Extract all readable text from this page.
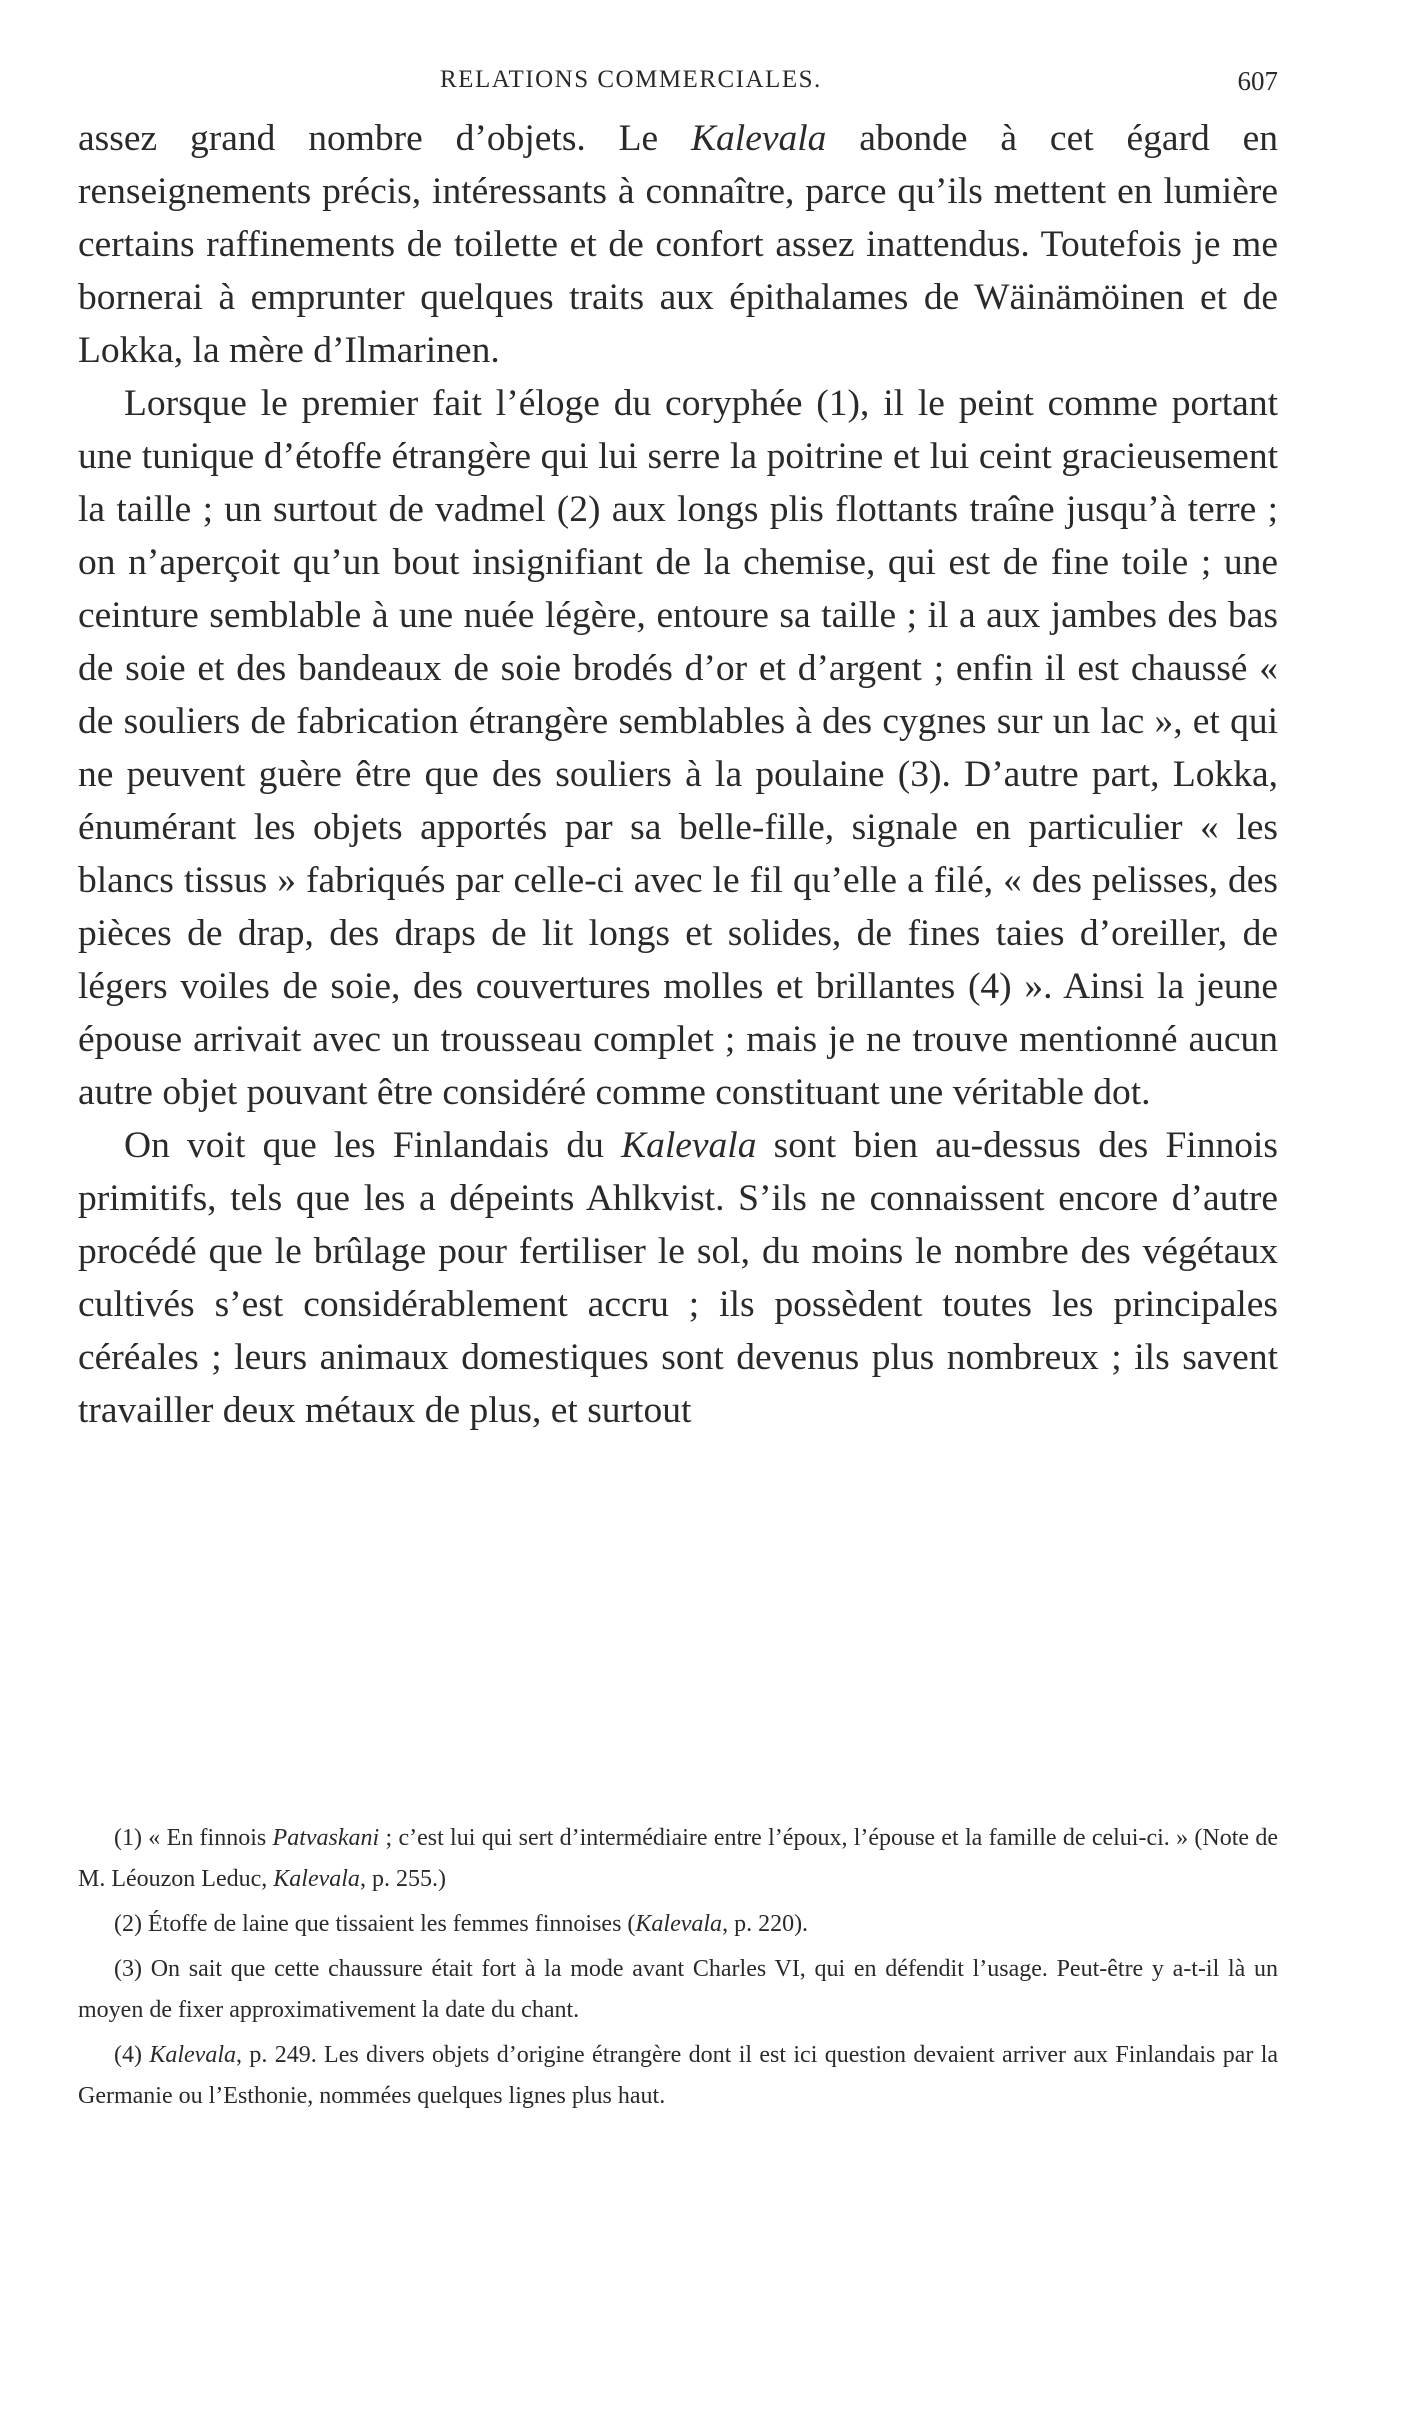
RELATIONS COMMERCIALES.	607

assez grand nombre d’objets. Le Kalevala abonde à cet égard en renseignements précis, intéressants à connaître, parce qu’ils mettent en lumière certains raffinements de toilette et de confort assez inattendus. Toutefois je me bornerai à emprunter quelques traits aux épithalames de Wäinämöinen et de Lokka, la mère d’Ilmarinen.

Lorsque le premier fait l’éloge du coryphée (1), il le peint comme portant une tunique d’étoffe étrangère qui lui serre la poitrine et lui ceint gracieusement la taille ; un surtout de vadmel (2) aux longs plis flottants traîne jusqu’à terre ; on n’aperçoit qu’un bout insignifiant de la chemise, qui est de fine toile ; une ceinture semblable à une nuée légère, entoure sa taille ; il a aux jambes des bas de soie et des bandeaux de soie brodés d’or et d’argent ; enfin il est chaussé « de souliers de fabrication étrangère semblables à des cygnes sur un lac », et qui ne peuvent guère être que des souliers à la poulaine (3). D’autre part, Lokka, énumérant les objets apportés par sa belle-fille, signale en particulier « les blancs tissus » fabriqués par celle-ci avec le fil qu’elle a filé, « des pelisses, des pièces de drap, des draps de lit longs et solides, de fines taies d’oreiller, de légers voiles de soie, des couvertures molles et brillantes (4) ». Ainsi la jeune épouse arrivait avec un trousseau complet ; mais je ne trouve mentionné aucun autre objet pouvant être considéré comme constituant une véritable dot.

On voit que les Finlandais du Kalevala sont bien au-dessus des Finnois primitifs, tels que les a dépeints Ahlkvist. S’ils ne connaissent encore d’autre procédé que le brûlage pour fertiliser le sol, du moins le nombre des végétaux cultivés s’est considérablement accru ; ils possèdent toutes les principales céréales ; leurs animaux domestiques sont devenus plus nombreux ; ils savent travailler deux métaux de plus, et surtout

(1) « En finnois Patvaskani ; c’est lui qui sert d’intermédiaire entre l’époux, l’épouse et la famille de celui-ci. » (Note de M. Léouzon Leduc, Kalevala, p. 255.)

(2) Étoffe de laine que tissaient les femmes finnoises (Kalevala, p. 220).

(3) On sait que cette chaussure était fort à la mode avant Charles VI, qui en défendit l’usage. Peut-être y a-t-il là un moyen de fixer approximativement la date du chant.

(4) Kalevala, p. 249. Les divers objets d’origine étrangère dont il est ici question devaient arriver aux Finlandais par la Germanie ou l’Esthonie, nommées quelques lignes plus haut.
